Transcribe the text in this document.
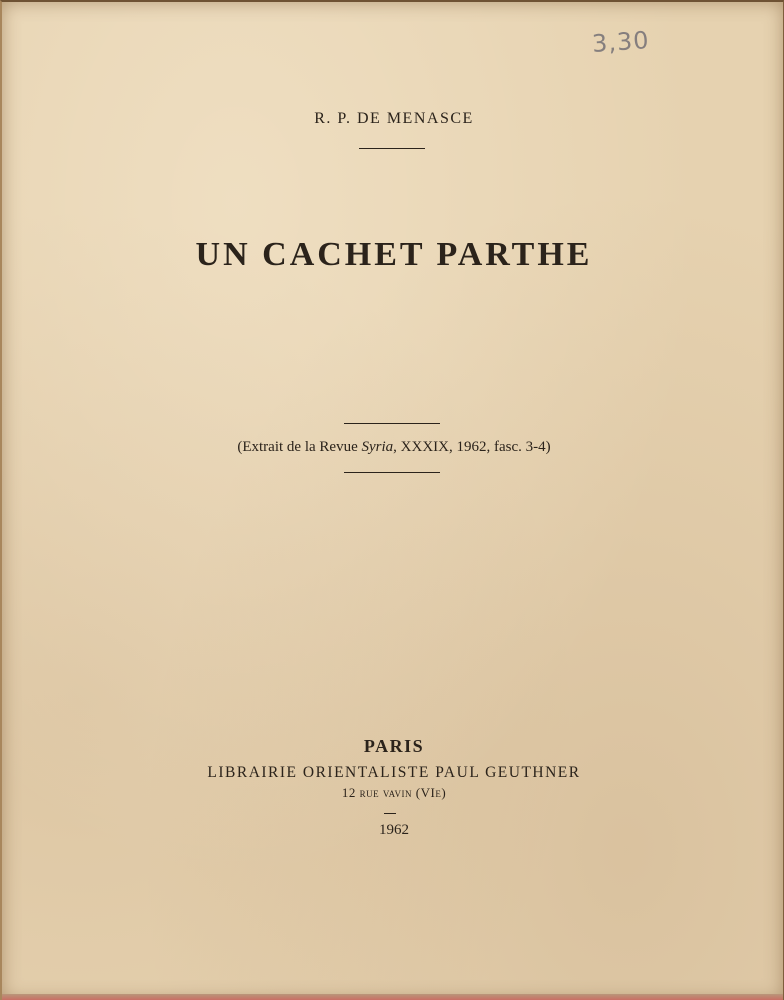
3,30
R. P. DE MENASCE
UN CACHET PARTHE
(Extrait de la Revue Syria, XXXIX, 1962, fasc. 3-4)
PARIS
LIBRAIRIE ORIENTALISTE PAUL GEUTHNER
12 rue vavin (VIe)
1962
